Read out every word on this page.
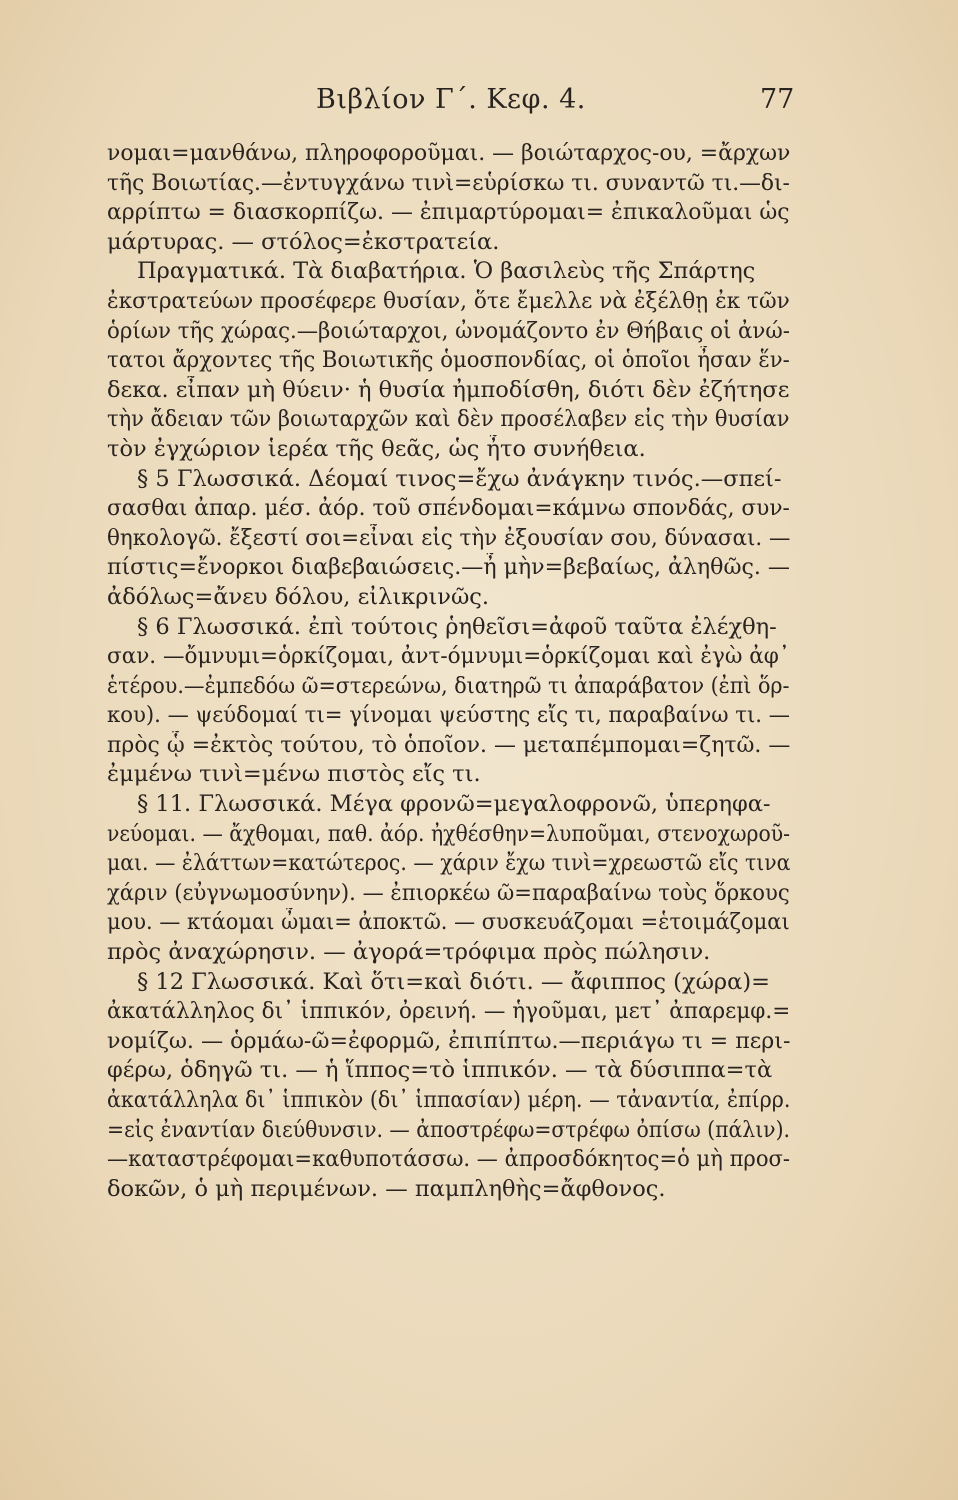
Βιβλίον Γ΄. Κεφ. 4.	77
νομαι=μανθάνω, πληροφοροῦμαι. — βοιώταρχος-ου, =ἄρχων
τῆς Βοιωτίας.—ἐντυγχάνω τινὶ=εὑρίσκω τι. συναντῶ τι.—δι-
αρρίπτω = διασκορπίζω. — ἐπιμαρτύρομαι= ἐπικαλοῦμαι ὡς
μάρτυρας. — στόλος=ἐκστρατεία.
Πραγματικά. Τὰ διαβατήρια. Ὁ βασιλεὺς τῆς Σπάρτης
ἐκστρατεύων προσέφερε θυσίαν, ὅτε ἔμελλε νὰ ἐξέλθῃ ἐκ τῶν
ὁρίων τῆς χώρας.—βοιώταρχοι, ὠνομάζοντο ἐν Θήβαις οἱ ἀνώ-
τατοι ἄρχοντες τῆς Βοιωτικῆς ὁμοσπονδίας, οἱ ὁποῖοι ἦσαν ἕν-
δεκα. εἶπαν μὴ θύειν· ἡ θυσία ἠμποδίσθη, διότι δὲν ἐζήτησε
τὴν ἄδειαν τῶν βοιωταρχῶν καὶ δὲν προσέλαβεν εἰς τὴν θυσίαν
τὸν ἐγχώριον ἱερέα τῆς θεᾶς, ὡς ἦτο συνήθεια.
§ 5 Γλωσσικά. Δέομαί τινος=ἔχω ἀνάγκην τινός.—σπεί-
σασθαι ἀπαρ. μέσ. ἀόρ. τοῦ σπένδομαι=κάμνω σπονδάς, συν-
θηκολογῶ. ἔξεστί σοι=εἶναι εἰς τὴν ἐξουσίαν σου, δύνασαι. —
πίστις=ἔνορκοι διαβεβαιώσεις.—ἦ μὴν=βεβαίως, ἀληθῶς. —
ἀδόλως=ἄνευ δόλου, εἰλικρινῶς.
§ 6 Γλωσσικά. ἐπὶ τούτοις ῥηθεῖσι=ἀφοῦ ταῦτα ἐλέχθη-
σαν. —ὄμνυμι=ὁρκίζομαι, ἀντ-όμνυμι=ὁρκίζομαι καὶ ἐγὼ ἀφ᾽
ἑτέρου.—ἐμπεδόω ῶ=στερεώνω, διατηρῶ τι ἀπαράβατον (ἐπὶ ὅρ-
κου). — ψεύδομαί τι= γίνομαι ψεύστης εἴς τι, παραβαίνω τι. —
πρὸς ᾧ =ἐκτὸς τούτου, τὸ ὁποῖον. — μεταπέμπομαι=ζητῶ. —
ἐμμένω τινὶ=μένω πιστὸς εἴς τι.
§ 11. Γλωσσικά. Μέγα φρονῶ=μεγαλοφρονῶ, ὑπερηφα-
νεύομαι. — ἄχθομαι, παθ. ἀόρ. ἠχθέσθην=λυποῦμαι, στενοχωροῦ-
μαι. — ἐλάττων=κατώτερος. — χάριν ἔχω τινὶ=χρεωστῶ εἴς τινα
χάριν (εὐγνωμοσύνην). — ἐπιορκέω ῶ=παραβαίνω τοὺς ὅρκους
μου. — κτάομαι ὦμαι= ἀποκτῶ. — συσκευάζομαι =ἑτοιμάζομαι
πρὸς ἀναχώρησιν. — ἀγορά=τρόφιμα πρὸς πώλησιν.
§ 12 Γλωσσικά. Καὶ ὅτι=καὶ διότι. — ἄφιππος (χώρα)=
ἀκατάλληλος δι᾽ ἱππικόν, ὀρεινή. — ἡγοῦμαι, μετ᾽ ἀπαρεμφ.=
νομίζω. — ὁρμάω-ῶ=ἐφορμῶ, ἐπιπίπτω.—περιάγω τι = περι-
φέρω, ὁδηγῶ τι. — ἡ ἵππος=τὸ ἱππικόν. — τὰ δύσιππα=τὰ
ἀκατάλληλα δι᾽ ἱππικὸν (δι᾽ ἱππασίαν) μέρη. — τἀναντία, ἐπίρρ.
=εἰς ἐναντίαν διεύθυνσιν. — ἀποστρέφω=στρέφω ὀπίσω (πάλιν).
—καταστρέφομαι=καθυποτάσσω. — ἀπροσδόκητος=ὁ μὴ προσ-
δοκῶν, ὁ μὴ περιμένων. — παμπληθὴς=ἄφθονος.
